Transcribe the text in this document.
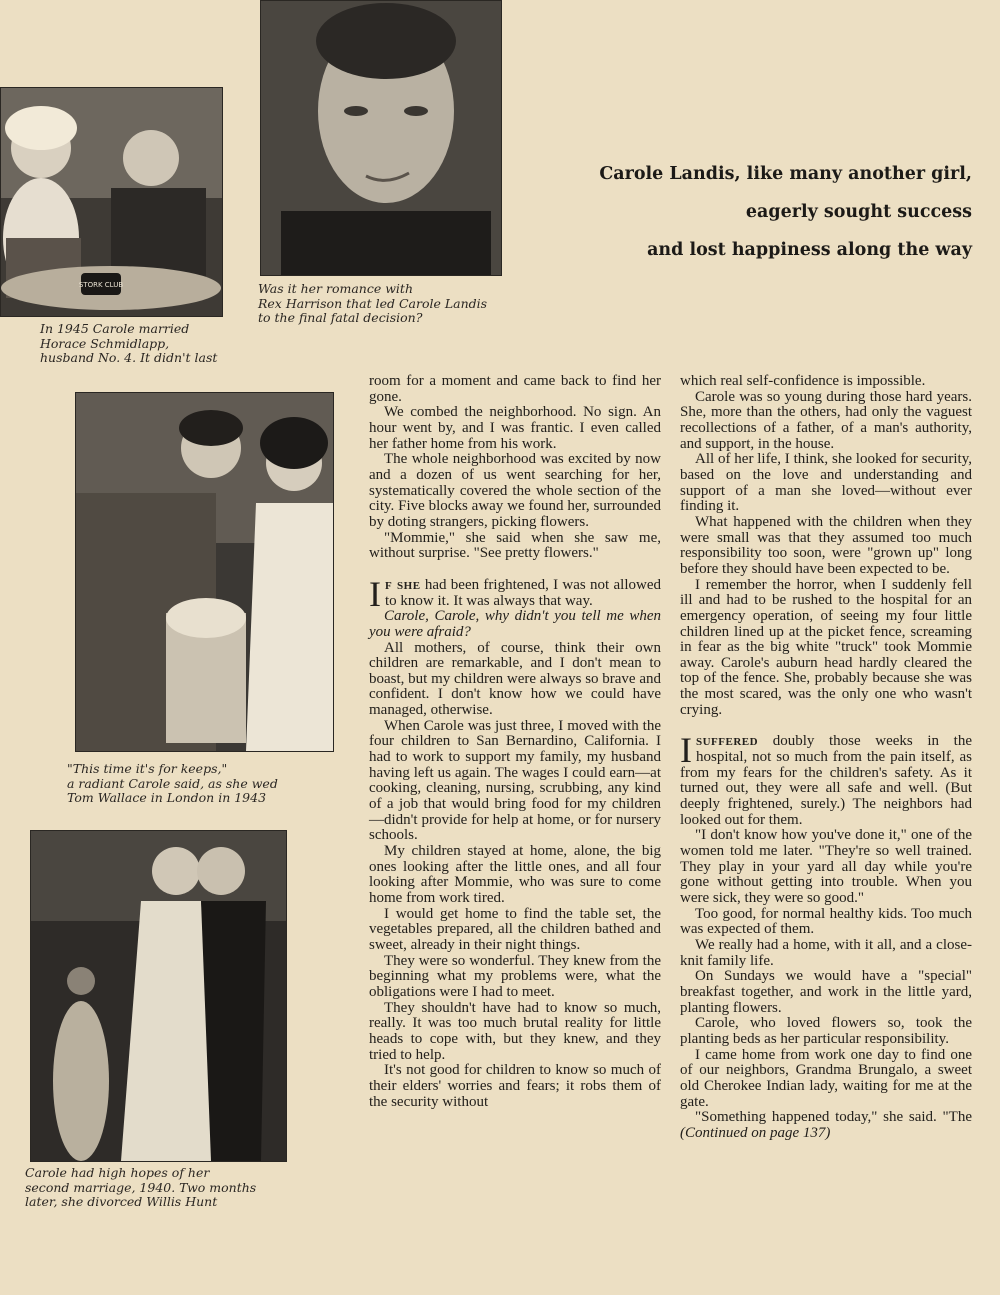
STORK CLUB
In 1945 Carole married
Horace Schmidlapp,
husband No. 4. It didn't last
Was it her romance with
Rex Harrison that led Carole Landis
to the final fatal decision?
"This time it's for keeps,"
a radiant Carole said, as she wed
Tom Wallace in London in 1943
Carole had high hopes of her
second marriage, 1940. Two months
later, she divorced Willis Hunt
Carole Landis, like many another girl,
eagerly sought success
and lost happiness along the way

room for a moment and came back to find her gone.

We combed the neighborhood. No sign. An hour went by, and I was frantic. I even called her father home from his work.

The whole neighborhood was excited by now and a dozen of us went searching for her, systematically covered the whole section of the city. Five blocks away we found her, surrounded by doting strangers, picking flowers.

"Mommie," she said when she saw me, without surprise. "See pretty flowers."

If she had been frightened, I was not allowed to know it. It was always that way.

Carole, Carole, why didn't you tell me when you were afraid?

All mothers, of course, think their own children are remarkable, and I don't mean to boast, but my children were always so brave and confident. I don't know how we could have managed, otherwise.

When Carole was just three, I moved with the four children to San Bernardino, California. I had to work to support my family, my husband having left us again. The wages I could earn—at cooking, cleaning, nursing, scrubbing, any kind of a job that would bring food for my children—didn't provide for help at home, or for nursery schools.

My children stayed at home, alone, the big ones looking after the little ones, and all four looking after Mommie, who was sure to come home from work tired.

I would get home to find the table set, the vegetables prepared, all the children bathed and sweet, already in their night things.

They were so wonderful. They knew from the beginning what my problems were, what the obligations were I had to meet.

They shouldn't have had to know so much, really. It was too much brutal reality for little heads to cope with, but they knew, and they tried to help.

It's not good for children to know so much of their elders' worries and fears; it robs them of the security without

which real self-confidence is impossible.

Carole was so young during those hard years. She, more than the others, had only the vaguest recollections of a father, of a man's authority, and support, in the house.

All of her life, I think, she looked for security, based on the love and understanding and support of a man she loved—without ever finding it.

What happened with the children when they were small was that they assumed too much responsibility too soon, were "grown up" long before they should have been expected to be.

I remember the horror, when I suddenly fell ill and had to be rushed to the hospital for an emergency operation, of seeing my four little children lined up at the picket fence, screaming in fear as the big white "truck" took Mommie away. Carole's auburn head hardly cleared the top of the fence. She, probably because she was the most scared, was the only one who wasn't crying.

Isuffered doubly those weeks in the hospital, not so much from the pain itself, as from my fears for the children's safety. As it turned out, they were all safe and well. (But deeply frightened, surely.) The neighbors had looked out for them.

"I don't know how you've done it," one of the women told me later. "They're so well trained. They play in your yard all day while you're gone without getting into trouble. When you were sick, they were so good."

Too good, for normal healthy kids. Too much was expected of them.

We really had a home, with it all, and a close-knit family life.

On Sundays we would have a "special" breakfast together, and work in the little yard, planting flowers.

Carole, who loved flowers so, took the planting beds as her particular responsibility.

I came home from work one day to find one of our neighbors, Grandma Brungalo, a sweet old Cherokee Indian lady, waiting for me at the gate.

"Something happened today," she said. "The (Continued on page 137)
